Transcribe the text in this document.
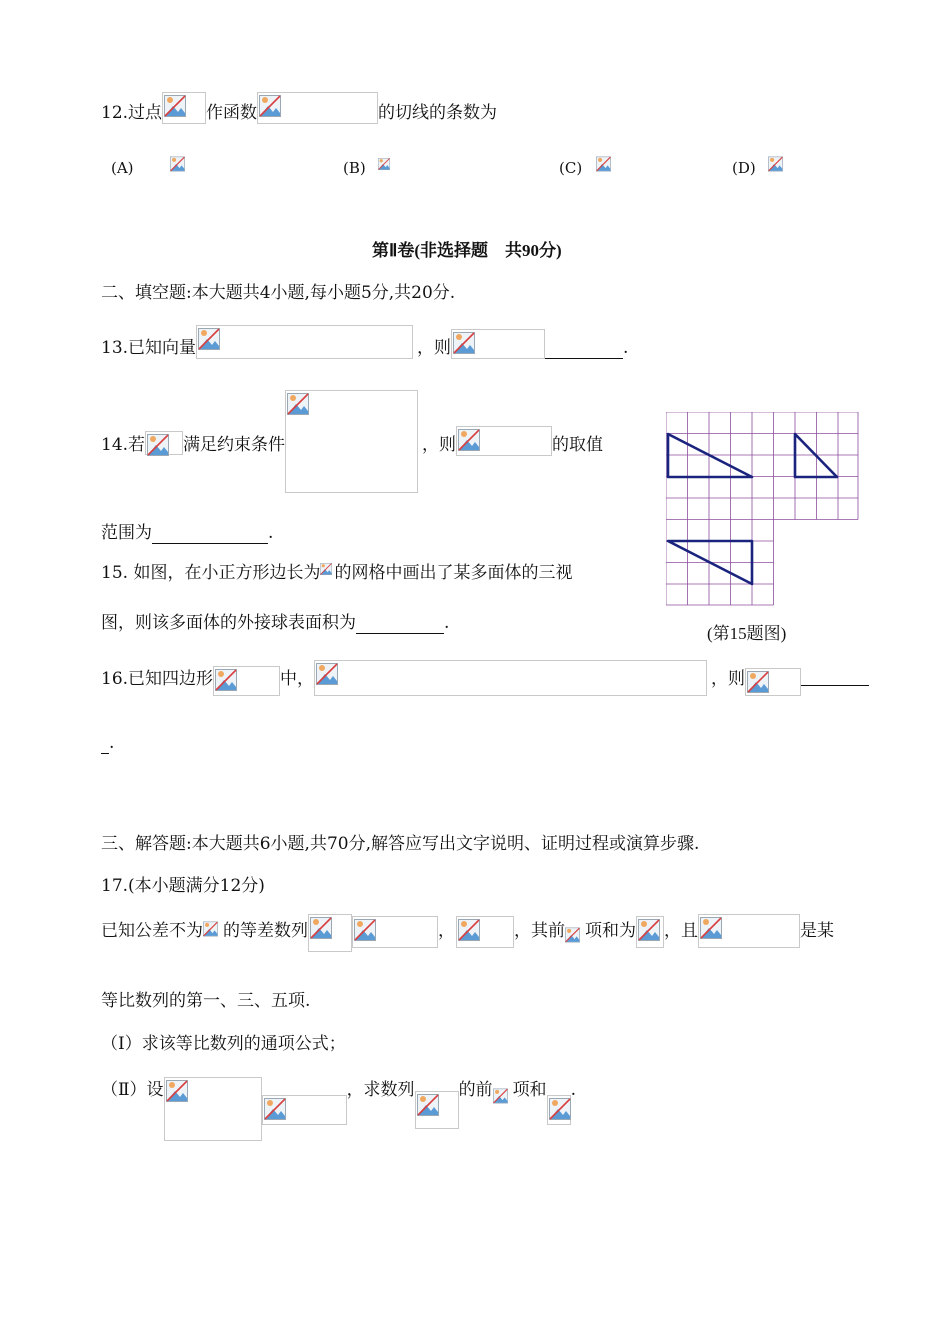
12.过点	作函数	的切线的条数为
(A)	(B)	(C)	(D)
第Ⅱ卷(非选择题　共90分)
二、填空题:本大题共4小题,每小题5分,共20分.
13.已知向量	，则	.
14.若 满足约束条件	，则	的取值
范围为	.
15. 如图，在小正方形边长为 的网格中画出了某多面体的三视
图，则该多面体的外接球表面积为	.
(第15题图)
16.已知四边形	中，	，则
.
三、解答题:本大题共6小题,共70分,解答应写出文字说明、证明过程或演算步骤.
17.(本小题满分12分)
已知公差不为 的等差数列	，	，其前 项和为 ，且	是某
等比数列的第一、三、五项.
（Ⅰ）求该等比数列的通项公式；
（Ⅱ）设	，求数列	的前 项和 .
